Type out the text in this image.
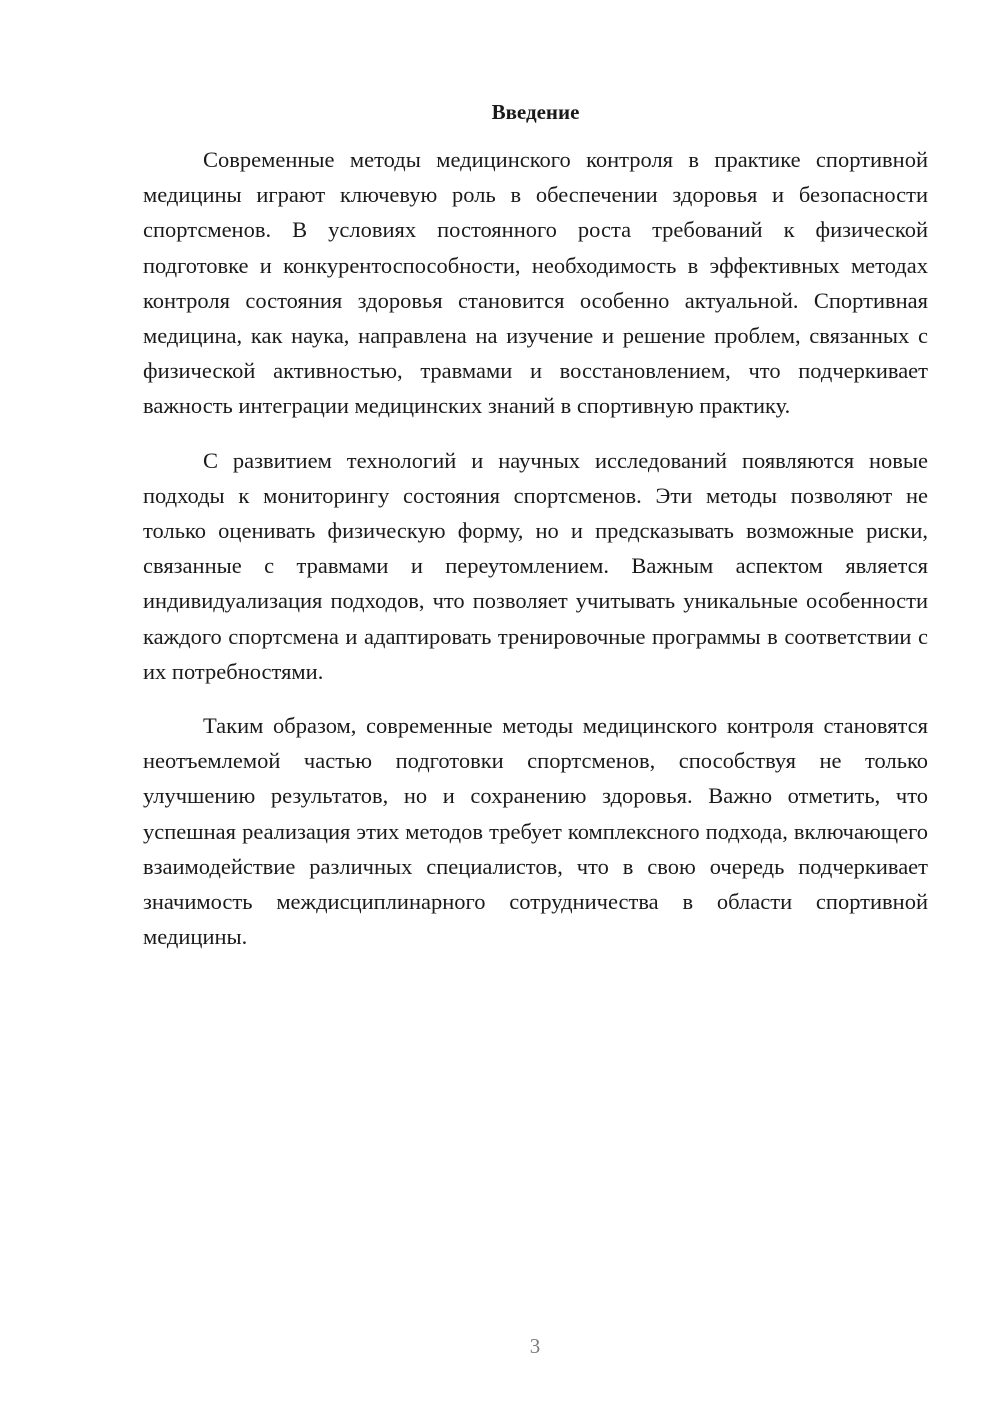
Введение

Современные методы медицинского контроля в практике спортивной медицины играют ключевую роль в обеспечении здоровья и безопасности спортсменов. В условиях постоянного роста требований к физической подготовке и конкурентоспособности, необходимость в эффективных методах контроля состояния здоровья становится особенно актуальной. Спортивная медицина, как наука, направлена на изучение и решение проблем, связанных с физической активностью, травмами и восстановлением, что подчеркивает важность интеграции медицинских знаний в спортивную практику.

С развитием технологий и научных исследований появляются новые подходы к мониторингу состояния спортсменов. Эти методы позволяют не только оценивать физическую форму, но и предсказывать возможные риски, связанные с травмами и переутомлением. Важным аспектом является индивидуализация подходов, что позволяет учитывать уникальные особенности каждого спортсмена и адаптировать тренировочные программы в соответствии с их потребностями.

Таким образом, современные методы медицинского контроля становятся неотъемлемой частью подготовки спортсменов, способствуя не только улучшению результатов, но и сохранению здоровья. Важно отметить, что успешная реализация этих методов требует комплексного подхода, включающего взаимодействие различных специалистов, что в свою очередь подчеркивает значимость междисциплинарного сотрудничества в области спортивной медицины.

3
